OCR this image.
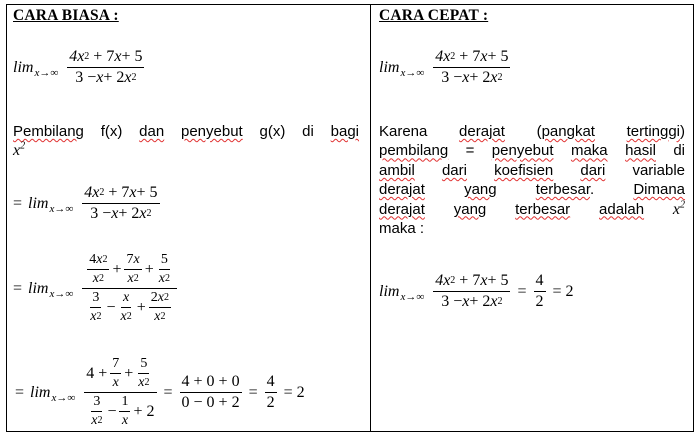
CARA BIASA :
$\lim x\to\infty \frac{4x 2 + 7 x + 5}{3 - x + 2 x 2}$
Pembilang f(x) dan penyebut g(x) di bagi
$x^2$
= $\lim x\to\infty \frac{4x 2 + 7 x + 5}{3 - x + 2 x 2}$
= $\lim x\to\infty \frac{\frac{4 x 2}{x 2} + \frac{7 x}{x 2} + \frac{5}{x 2}}{\frac{3}{x 2} - \frac{x}{x 2} + \frac{2 x 2}{x 2}}$
= $\lim x\to\infty \frac{4 + \frac{7}{x} + \frac{5}{x 2}}{\frac{3}{x 2} - \frac{1}{x} + 2} = \frac{4 + 0 + 0}{0 - 0 + 2} = \frac{4}{2} = 2$
CARA CEPAT :
$\lim x\to\infty \frac{4x 2 + 7 x + 5}{3 - x + 2 x 2}$
Karena derajat (pangkat tertinggi)
pembilang = penyebut maka hasil di
ambil dari koefisien dari variable
derajat	yang	terbesar. Dimana
derajat yang terbesar adalah $x^2$
maka :
$\lim x\to\infty \frac{4x 2 + 7 x + 5}{3 - x + 2 x 2} = \frac{4}{2} = 2$
